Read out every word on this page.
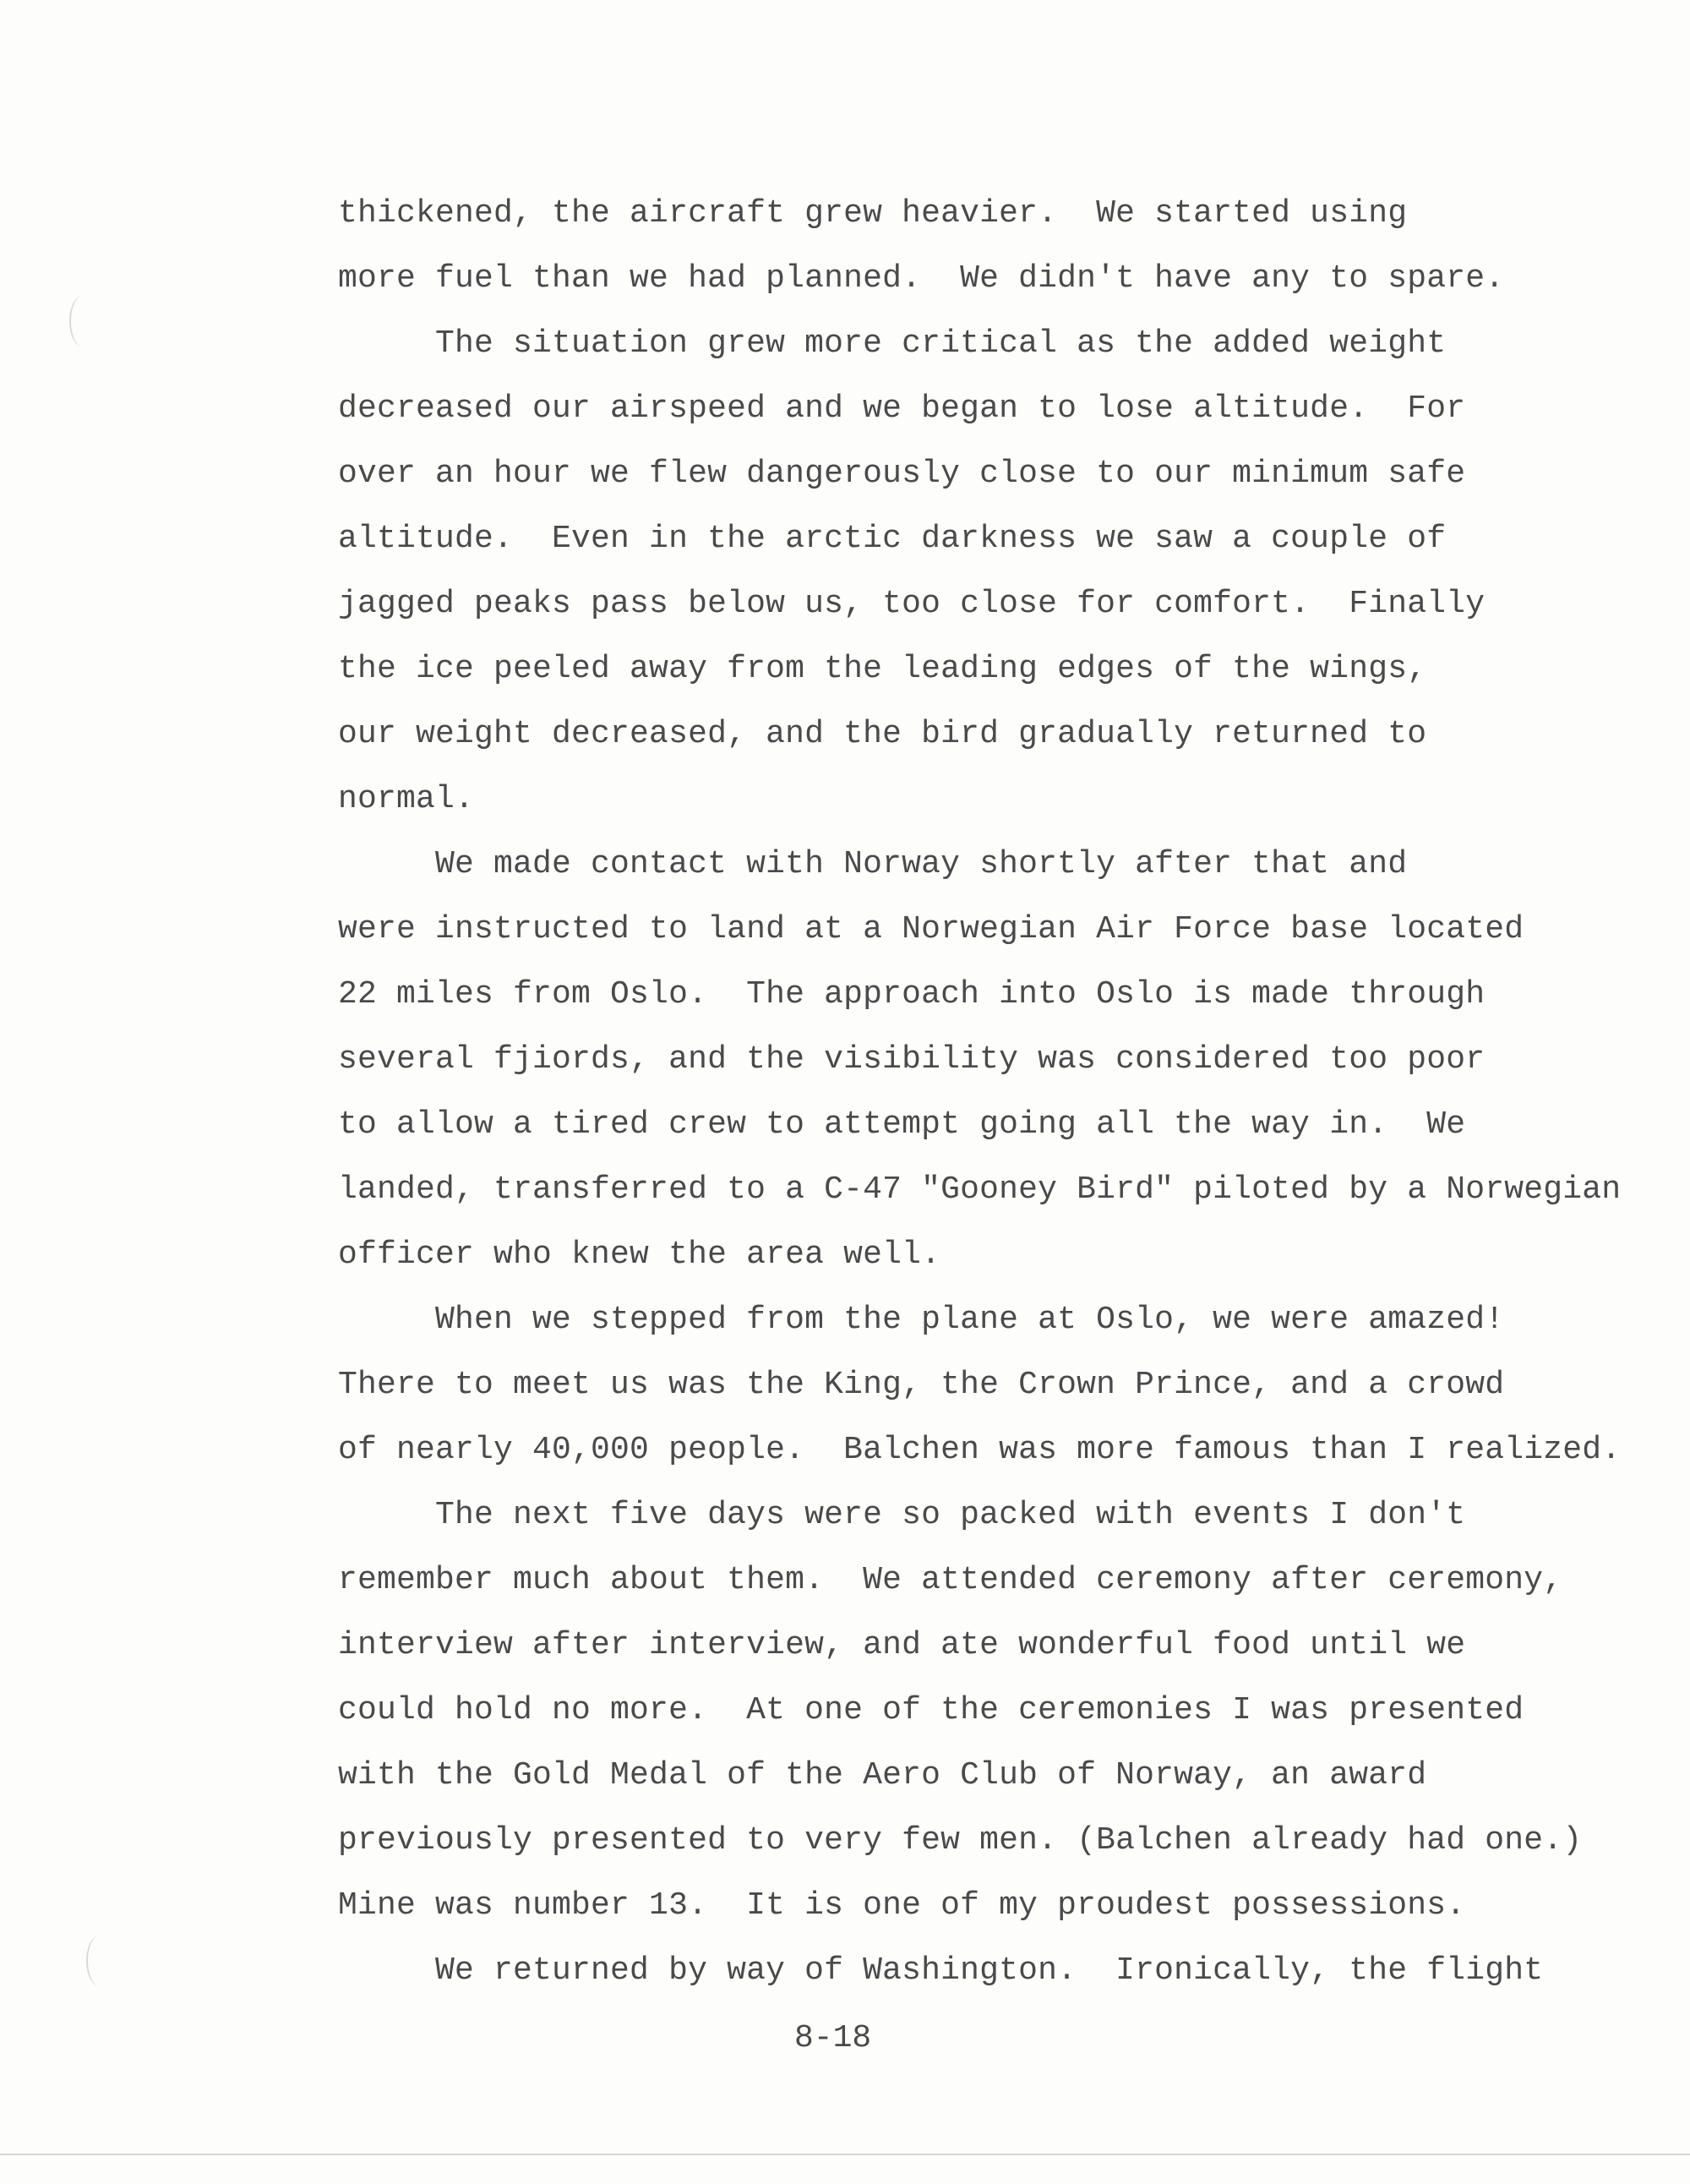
thickened, the aircraft grew heavier.  We started using
more fuel than we had planned.  We didn't have any to spare.
The situation grew more critical as the added weight
decreased our airspeed and we began to lose altitude.  For
over an hour we flew dangerously close to our minimum safe
altitude.  Even in the arctic darkness we saw a couple of
jagged peaks pass below us, too close for comfort.  Finally
the ice peeled away from the leading edges of the wings,
our weight decreased, and the bird gradually returned to
normal.
We made contact with Norway shortly after that and
were instructed to land at a Norwegian Air Force base located
22 miles from Oslo.  The approach into Oslo is made through
several fjiords, and the visibility was considered too poor
to allow a tired crew to attempt going all the way in.  We
landed, transferred to a C-47 "Gooney Bird" piloted by a Norwegian
officer who knew the area well.
When we stepped from the plane at Oslo, we were amazed!
There to meet us was the King, the Crown Prince, and a crowd
of nearly 40,000 people.  Balchen was more famous than I realized.
The next five days were so packed with events I don't
remember much about them.  We attended ceremony after ceremony,
interview after interview, and ate wonderful food until we
could hold no more.  At one of the ceremonies I was presented
with the Gold Medal of the Aero Club of Norway, an award
previously presented to very few men. (Balchen already had one.)
Mine was number 13.  It is one of my proudest possessions.
We returned by way of Washington.  Ironically, the flight
8-18
